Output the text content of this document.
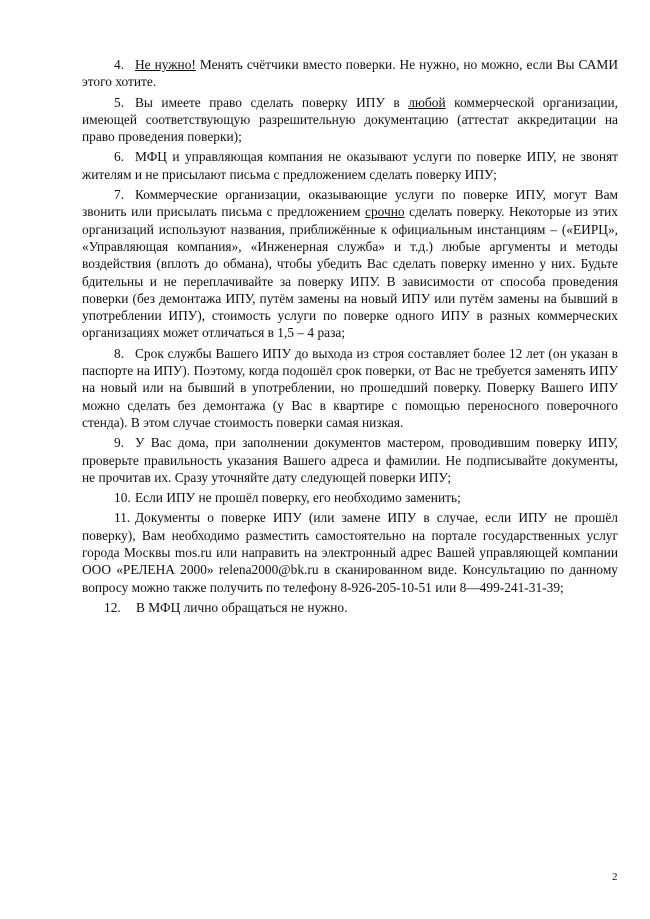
4. Не нужно! Менять счётчики вместо поверки. Не нужно, но можно, если Вы САМИ этого хотите.

5. Вы имеете право сделать поверку ИПУ в любой коммерческой организации, имеющей соответствующую разрешительную документацию (аттестат аккредитации на право проведения поверки);

6. МФЦ и управляющая компания не оказывают услуги по поверке ИПУ, не звонят жителям и не присылают письма с предложением сделать поверку ИПУ;

7. Коммерческие организации, оказывающие услуги по поверке ИПУ, могут Вам звонить или присылать письма с предложением срочно сделать поверку. Некоторые из этих организаций используют названия, приближённые к официальным инстанциям – («ЕИРЦ», «Управляющая компания», «Инженерная служба» и т.д.) любые аргументы и методы воздействия (вплоть до обмана), чтобы убедить Вас сделать поверку именно у них. Будьте бдительны и не переплачивайте за поверку ИПУ. В зависимости от способа проведения поверки (без демонтажа ИПУ, путём замены на новый ИПУ или путём замены на бывший в употреблении ИПУ), стоимость услуги по поверке одного ИПУ в разных коммерческих организациях может отличаться в 1,5 – 4 раза;

8. Срок службы Вашего ИПУ до выхода из строя составляет более 12 лет (он указан в паспорте на ИПУ). Поэтому, когда подошёл срок поверки, от Вас не требуется заменять ИПУ на новый или на бывший в употреблении, но прошедший поверку. Поверку Вашего ИПУ можно сделать без демонтажа (у Вас в квартире с помощью переносного поверочного стенда). В этом случае стоимость поверки самая низкая.

9. У Вас дома, при заполнении документов мастером, проводившим поверку ИПУ, проверьте правильность указания Вашего адреса и фамилии. Не подписывайте документы, не прочитав их. Сразу уточняйте дату следующей поверки ИПУ;

10. Если ИПУ не прошёл поверку, его необходимо заменить;

11. Документы о поверке ИПУ (или замене ИПУ в случае, если ИПУ не прошёл поверку), Вам необходимо разместить самостоятельно на портале государственных услуг города Москвы mos.ru или направить на электронный адрес Вашей управляющей компании ООО «РЕЛЕНА 2000» relena2000@bk.ru в сканированном виде. Консультацию по данному вопросу можно также получить по телефону 8-926-205-10-51 или 8—499-241-31-39;

12. В МФЦ лично обращаться не нужно.

2
